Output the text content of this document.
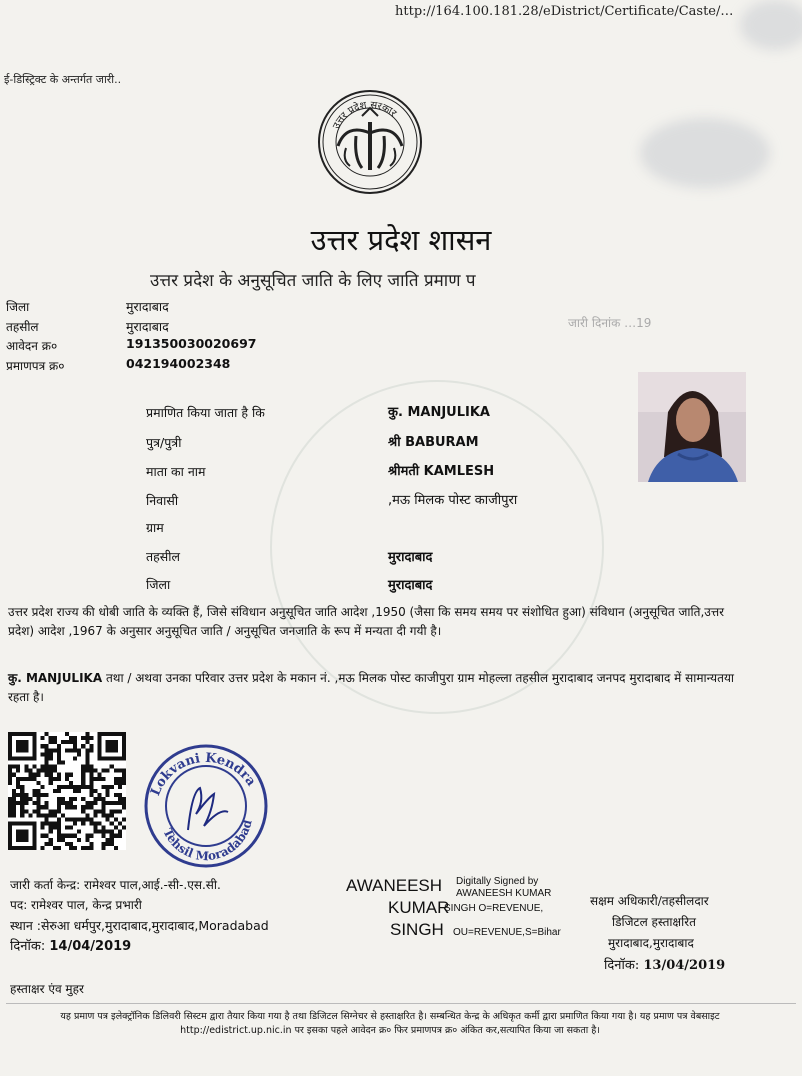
http://164.100.181.28/eDistrict/Certificate/Caste/…
ई-डिस्ट्रिक्ट के अन्तर्गत जारी..
उत्तर प्रदेश सरकार
उत्तर प्रदेश शासन
उत्तर प्रदेश के अनुसूचित जाति के लिए जाति प्रमाण प
जारी दिनांक …19
जिला	मुरादाबाद
तहसील	मुरादाबाद
आवेदन क्र०	191350030020697
प्रमाणपत्र क्र०	042194002348
प्रमाणित किया जाता है कि	कु. MANJULIKA
पुत्र/पुत्री	श्री BABURAM
माता का नाम	श्रीमती KAMLESH
निवासी	,मऊ मिलक पोस्ट काजीपुरा
ग्राम
तहसील	मुरादाबाद
जिला	मुरादाबाद
उत्तर प्रदेश राज्य की धोबी जाति के व्यक्ति हैं, जिसे संविधान अनुसूचित जाति आदेश ,1950 (जैसा कि समय समय पर संशोधित हुआ) संविधान (अनुसूचित जाति,उत्तर प्रदेश) आदेश ,1967 के अनुसार अनुसूचित जाति / अनुसूचित जनजाति के रूप में मन्यता दी गयी है।
कु. MANJULIKA तथा / अथवा उनका परिवार उत्तर प्रदेश के मकान नं. ,मऊ मिलक पोस्ट काजीपुरा ग्राम मोहल्ला तहसील मुरादाबाद जनपद मुरादाबाद में सामान्यतया रहता है।
Lokvani Kendra
Tehsil Moradabad
जारी कर्ता केन्द्र: रामेश्वर पाल,आई.-सी-.एस.सी.
पद: रामेश्वर पाल, केन्द्र प्रभारी
स्थान :सेरुआ धर्मपुर,मुरादाबाद,मुरादाबाद,Moradabad
दिनॉक: 14/04/2019
AWANEESH
KUMAR
SINGH
Digitally Signed by
AWANEESH KUMAR
SINGH O=REVENUE,
OU=REVENUE,S=Bihar
सक्षम अधिकारी/तहसीलदार
डिजिटल हस्ताक्षरित
मुरादाबाद,मुरादाबाद
दिनॉक: 13/04/2019
हस्ताक्षर एंव मुहर
यह प्रमाण पत्र इलेक्ट्रॉनिक डिलिवरी सिस्टम द्वारा तैयार किया गया है तथा डिजिटल सिग्नेचर से हस्ताक्षरित है। सम्बन्धित केन्द्र के अधिकृत कर्मी द्वारा प्रमाणित किया गया है। यह प्रमाण पत्र वेबसाइट http://edistrict.up.nic.in पर इसका पहले आवेदन क्र० फिर प्रमाणपत्र क्र० अंकित कर,सत्यापित किया जा सकता है।
